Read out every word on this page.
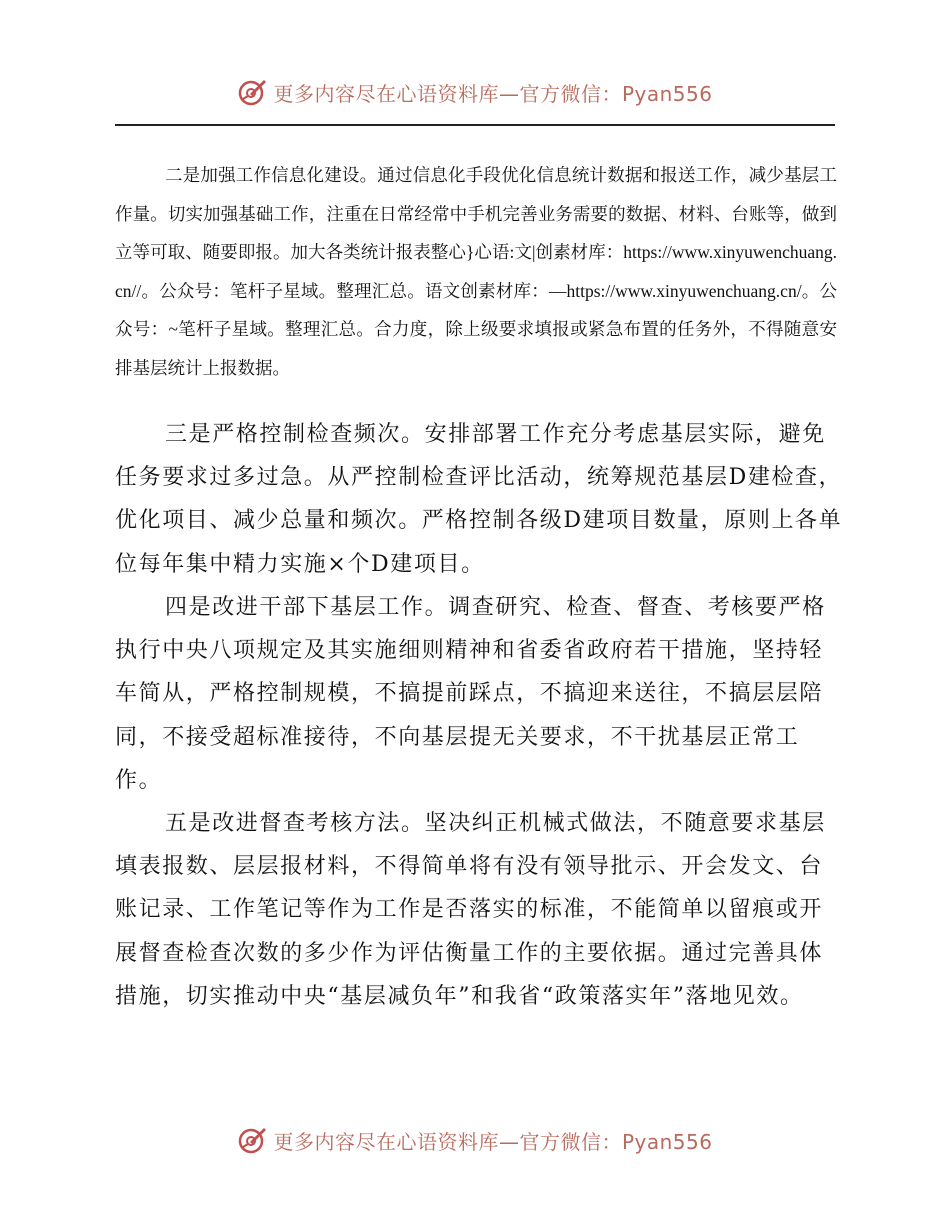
更多内容尽在心语资料库—官方微信：Pyan556

二是加强工作信息化建设。通过信息化手段优化信息统计数据和报送工作，减少基层工作量。切实加强基础工作，注重在日常经常中手机完善业务需要的数据、材料、台账等，做到立等可取、随要即报。加大各类统计报表整心}心语:文|创素材库：https://www.xinyuwenchuang.cn//。公众号：笔杆子星域。整理汇总。语文创素材库：—https://www.xinyuwenchuang.cn/。公众号：~笔杆子星域。整理汇总。合力度，除上级要求填报或紧急布置的任务外，不得随意安排基层统计上报数据。

三是严格控制检查频次。安排部署工作充分考虑基层实际，避免任务要求过多过急。从严控制检查评比活动，统筹规范基层D建检查，优化项目、减少总量和频次。严格控制各级D建项目数量，原则上各单位每年集中精力实施×个D建项目。

四是改进干部下基层工作。调查研究、检查、督查、考核要严格执行中央八项规定及其实施细则精神和省委省政府若干措施，坚持轻车简从，严格控制规模，不搞提前踩点，不搞迎来送往，不搞层层陪同，不接受超标准接待，不向基层提无关要求，不干扰基层正常工作。

五是改进督查考核方法。坚决纠正机械式做法，不随意要求基层填表报数、层层报材料，不得简单将有没有领导批示、开会发文、台账记录、工作笔记等作为工作是否落实的标准，不能简单以留痕或开展督查检查次数的多少作为评估衡量工作的主要依据。通过完善具体措施，切实推动中央“基层减负年”和我省“政策落实年”落地见效。

更多内容尽在心语资料库—官方微信：Pyan556
